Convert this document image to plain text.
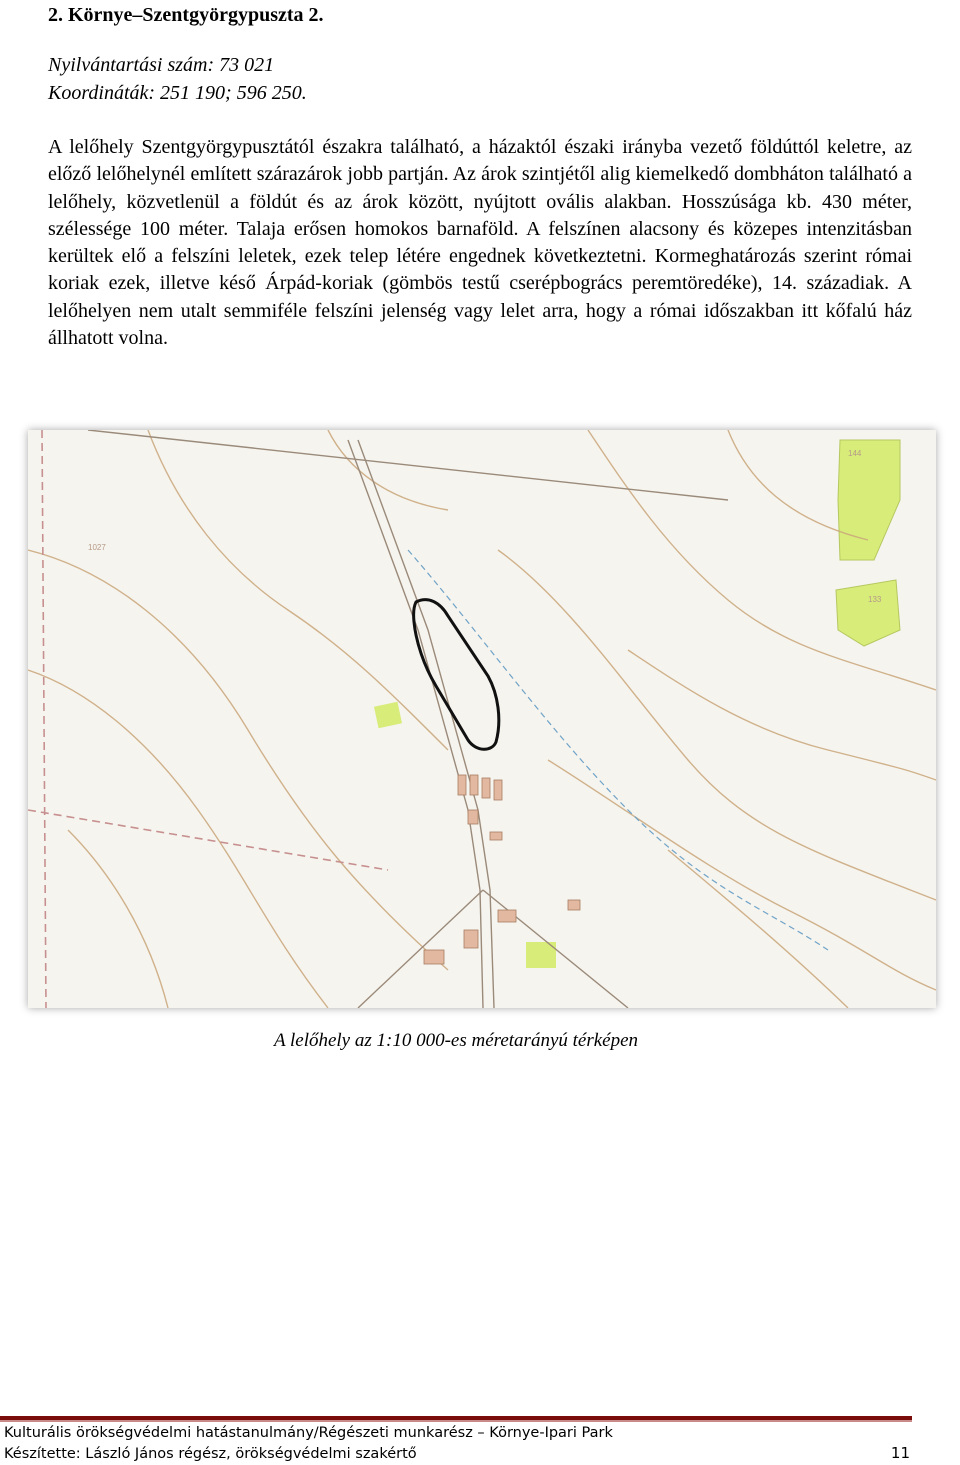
2. Környe–Szentgyörgypuszta 2.
Nyilvántartási szám: 73 021
Koordináták: 251 190; 596 250.
A lelőhely Szentgyörgypusztától északra található, a házaktól északi irányba vezető földúttól keletre, az előző lelőhelynél említett szárazárok jobb partján. Az árok szintjétől alig kiemelkedő dombháton található a lelőhely, közvetlenül a földút és az árok között, nyújtott ovális alakban. Hosszúsága kb. 430 méter, szélessége 100 méter. Talaja erősen homokos barnaföld. A felszínen alacsony és közepes intenzitásban kerültek elő a felszíni leletek, ezek telep létére engednek következtetni. Kormeghatározás szerint római koriak ezek, illetve késő Árpád-koriak (gömbös testű cserépbogrács peremtöredéke), 14. századiak. A lelőhelyen nem utalt semmiféle felszíni jelenség vagy lelet arra, hogy a római időszakban itt kőfalú ház állhatott volna.
1027
133
144
A lelőhely az 1:10 000-es méretarányú térképen
Kulturális örökségvédelmi hatástanulmány/Régészeti munkarész – Környe-Ipari Park
Készítette: László János régész, örökségvédelmi szakértő	11
